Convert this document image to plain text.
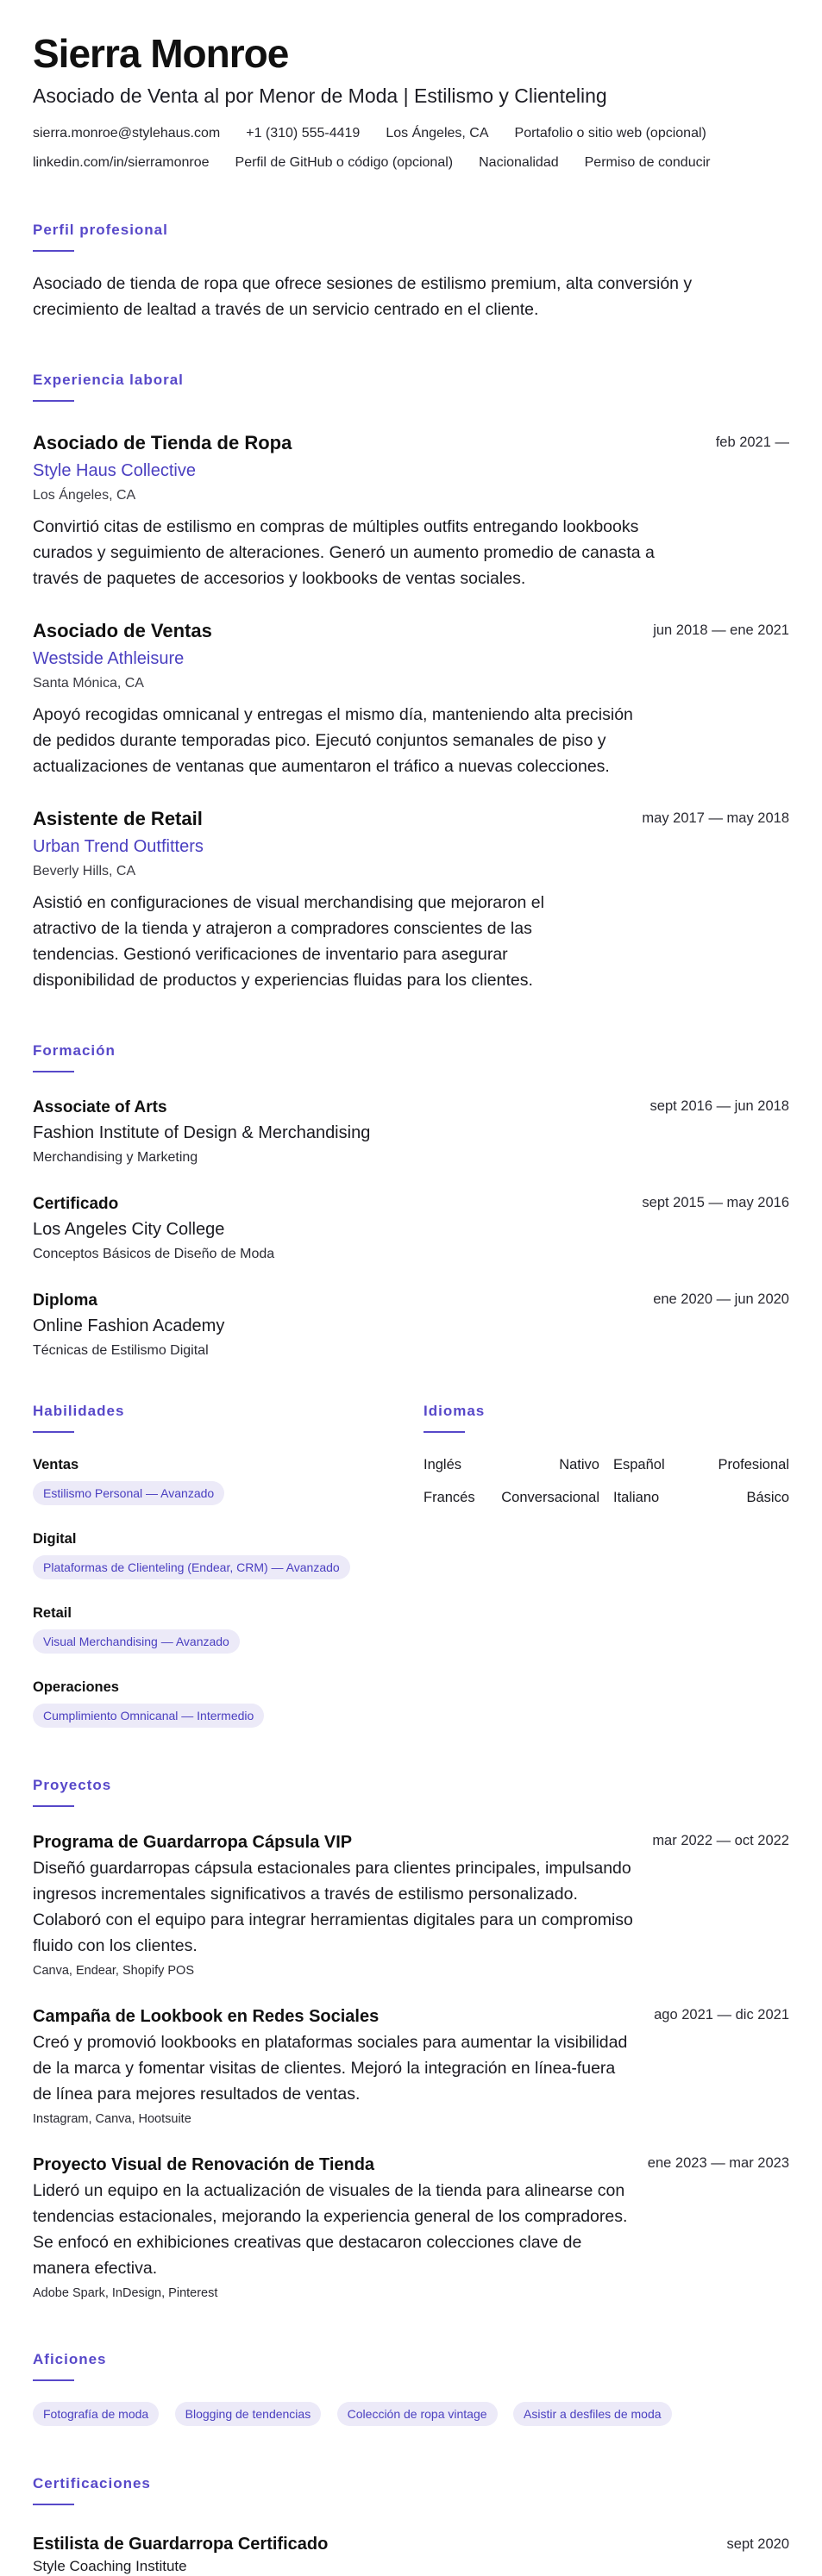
Sierra Monroe
Asociado de Venta al por Menor de Moda | Estilismo y Clienteling
sierra.monroe@stylehaus.com +1 (310) 555-4419 Los Ángeles, CA Portafolio o sitio web (opcional)
linkedin.com/in/sierramonroe Perfil de GitHub o código (opcional) Nacionalidad Permiso de conducir
Perfil profesional
Asociado de tienda de ropa que ofrece sesiones de estilismo premium, alta conversión y crecimiento de lealtad a través de un servicio centrado en el cliente.
Experiencia laboral
Asociado de Tienda de Ropa	feb 2021 —
Style Haus Collective
Los Ángeles, CA
Convirtió citas de estilismo en compras de múltiples outfits entregando lookbooks curados y seguimiento de alteraciones. Generó un aumento promedio de canasta a través de paquetes de accesorios y lookbooks de ventas sociales.
Asociado de Ventas	jun 2018 — ene 2021
Westside Athleisure
Santa Mónica, CA
Apoyó recogidas omnicanal y entregas el mismo día, manteniendo alta precisión de pedidos durante temporadas pico. Ejecutó conjuntos semanales de piso y actualizaciones de ventanas que aumentaron el tráfico a nuevas colecciones.
Asistente de Retail	may 2017 — may 2018
Urban Trend Outfitters
Beverly Hills, CA
Asistió en configuraciones de visual merchandising que mejoraron el atractivo de la tienda y atrajeron a compradores conscientes de las tendencias. Gestionó verificaciones de inventario para asegurar disponibilidad de productos y experiencias fluidas para los clientes.
Formación
Associate of Arts	sept 2016 — jun 2018
Fashion Institute of Design & Merchandising
Merchandising y Marketing
Certificado	sept 2015 — may 2016
Los Angeles City College
Conceptos Básicos de Diseño de Moda
Diploma	ene 2020 — jun 2020
Online Fashion Academy
Técnicas de Estilismo Digital
Habilidades
Ventas
Estilismo Personal — Avanzado
Digital
Plataformas de Clienteling (Endear, CRM) — Avanzado
Retail
Visual Merchandising — Avanzado
Operaciones
Cumplimiento Omnicanal — Intermedio
Idiomas
Inglés	Nativo Español	Profesional
Francés Conversacional Italiano	Básico
Proyectos
Programa de Guardarropa Cápsula VIP	mar 2022 — oct 2022
Diseñó guardarropas cápsula estacionales para clientes principales, impulsando ingresos incrementales significativos a través de estilismo personalizado. Colaboró con el equipo para integrar herramientas digitales para un compromiso fluido con los clientes.
Canva, Endear, Shopify POS
Campaña de Lookbook en Redes Sociales	ago 2021 — dic 2021
Creó y promovió lookbooks en plataformas sociales para aumentar la visibilidad de la marca y fomentar visitas de clientes. Mejoró la integración en línea-fuera de línea para mejores resultados de ventas.
Instagram, Canva, Hootsuite
Proyecto Visual de Renovación de Tienda	ene 2023 — mar 2023
Lideró un equipo en la actualización de visuales de la tienda para alinearse con tendencias estacionales, mejorando la experiencia general de los compradores. Se enfocó en exhibiciones creativas que destacaron colecciones clave de manera efectiva.
Adobe Spark, InDesign, Pinterest
Aficiones
Fotografía de moda	Blogging de tendencias	Colección de ropa vintage	Asistir a desfiles de moda
Certificaciones
Estilista de Guardarropa Certificado	sept 2020
Style Coaching Institute
